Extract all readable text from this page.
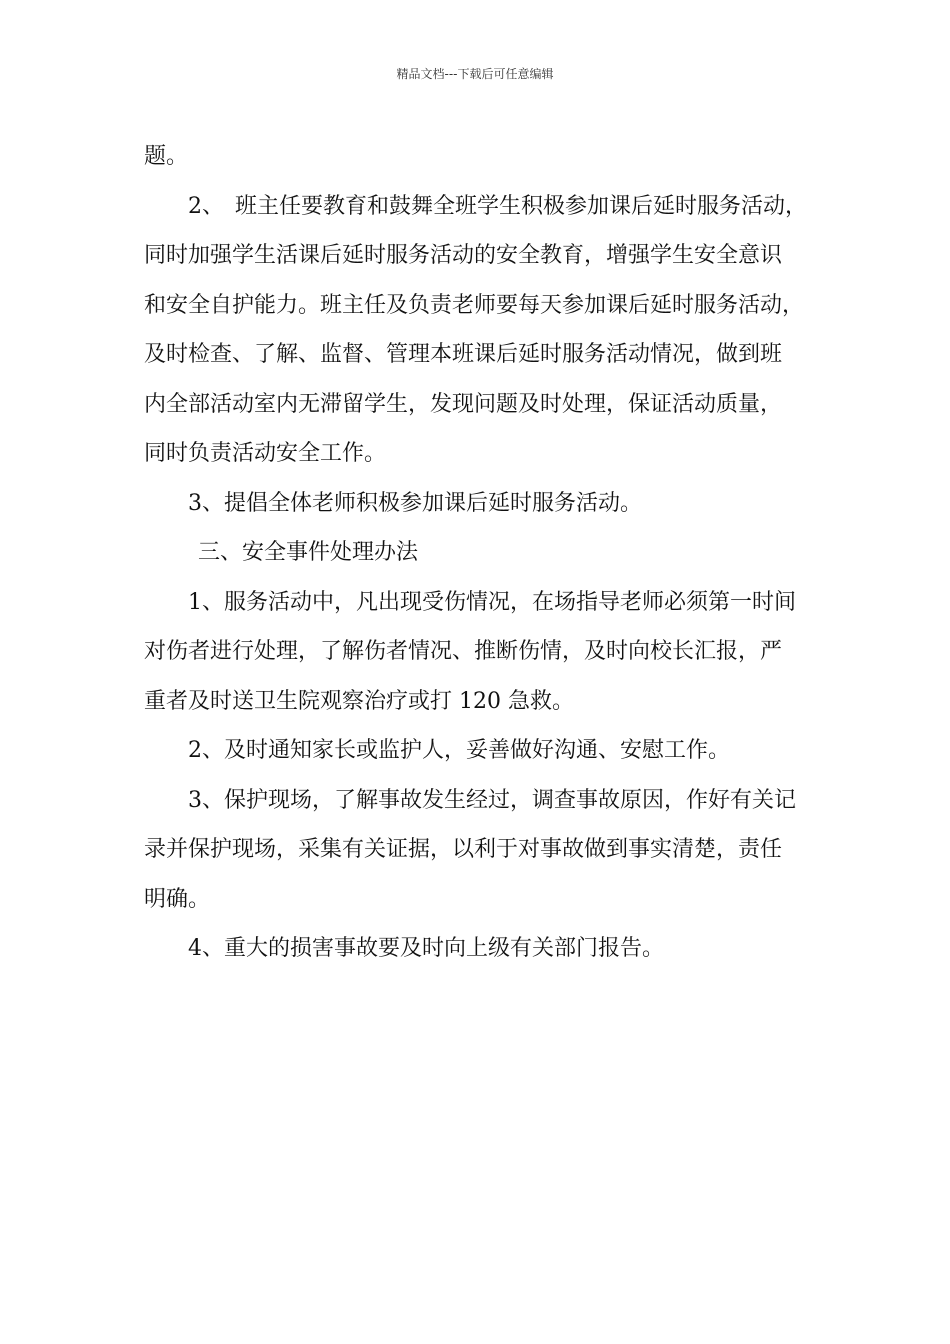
精品文档---下载后可任意编辑

题。

2、　班主任要教育和鼓舞全班学生积极参加课后延时服务活动，
同时加强学生活课后延时服务活动的安全教育，增强学生安全意识
和安全自护能力。班主任及负责老师要每天参加课后延时服务活动，
及时检查、了解、监督、管理本班课后延时服务活动情况，做到班
内全部活动室内无滞留学生，发现问题及时处理，保证活动质量，
同时负责活动安全工作。

3、提倡全体老师积极参加课后延时服务活动。

三、安全事件处理办法

1、服务活动中，凡出现受伤情况，在场指导老师必须第一时间
对伤者进行处理，了解伤者情况、推断伤情，及时向校长汇报，严
重者及时送卫生院观察治疗或打 120 急救。

2、及时通知家长或监护人，妥善做好沟通、安慰工作。

3、保护现场，了解事故发生经过，调查事故原因，作好有关记
录并保护现场，采集有关证据，以利于对事故做到事实清楚，责任
明确。

4、重大的损害事故要及时向上级有关部门报告。
